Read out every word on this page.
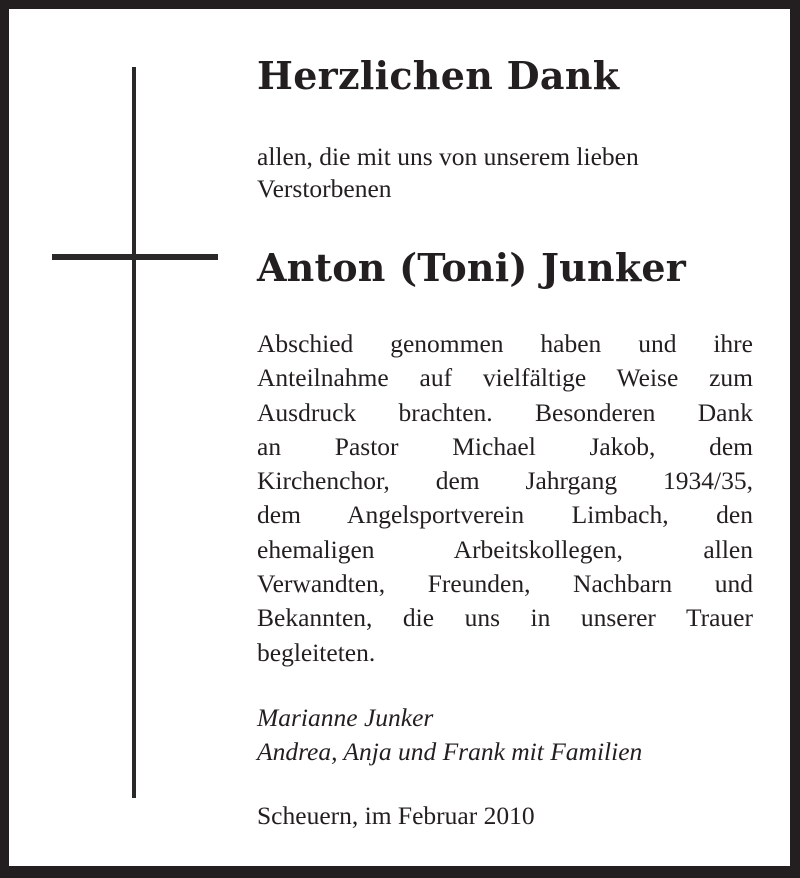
Herzlichen Dank

allen, die mit uns von unserem lieben Verstorbenen

Anton (Toni) Junker
Abschied genommen haben und ihre
Anteilnahme auf vielfältige Weise zum
Ausdruck brachten. Besonderen Dank
an Pastor Michael Jakob, dem
Kirchenchor, dem Jahrgang 1934/35,
dem Angelsportverein Limbach, den
ehemaligen Arbeitskollegen, allen
Verwandten, Freunden, Nachbarn und
Bekannten, die uns in unserer Trauer
begleiteten.
Marianne Junker
Andrea, Anja und Frank mit Familien

Scheuern, im Februar 2010
